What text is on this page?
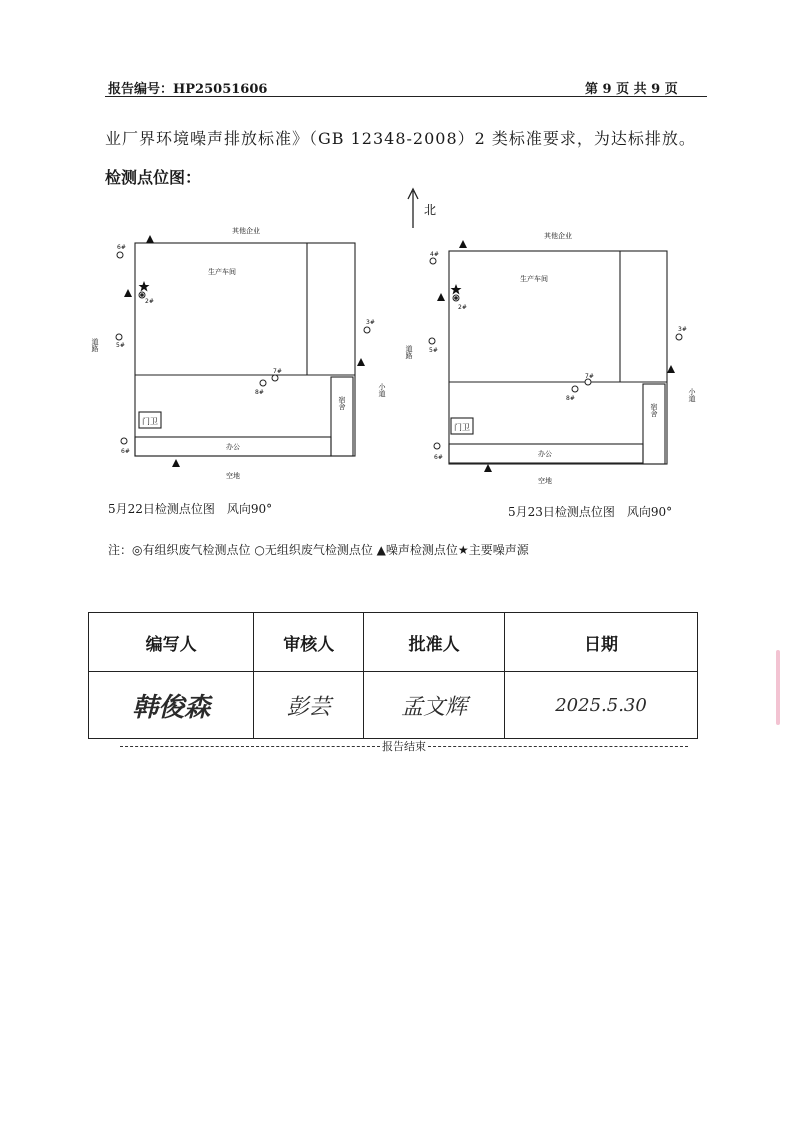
报告编号：HP25051606	第 9 页 共 9 页
业厂界环境噪声排放标准》（GB 12348-2008）2 类标准要求，为达标排放。
检测点位图：
北
其他企业
生产车间
办公
空地
门卫
宿舍
道路
小道
6#
2#
5#
3#
7#
8#
6#
其他企业
生产车间
办公
空地
门卫
宿舍
道路
小道
4#
2#
5#
3#
7#
8#
6#
5月22日检测点位图　风向90°	5月23日检测点位图　风向90°
注：◎有组织废气检测点位 ○无组织废气检测点位 ▲噪声检测点位★主要噪声源
编写人	审核人	批准人	日期
韩俊森	彭芸	孟文辉	2025.5.30
报告结束
